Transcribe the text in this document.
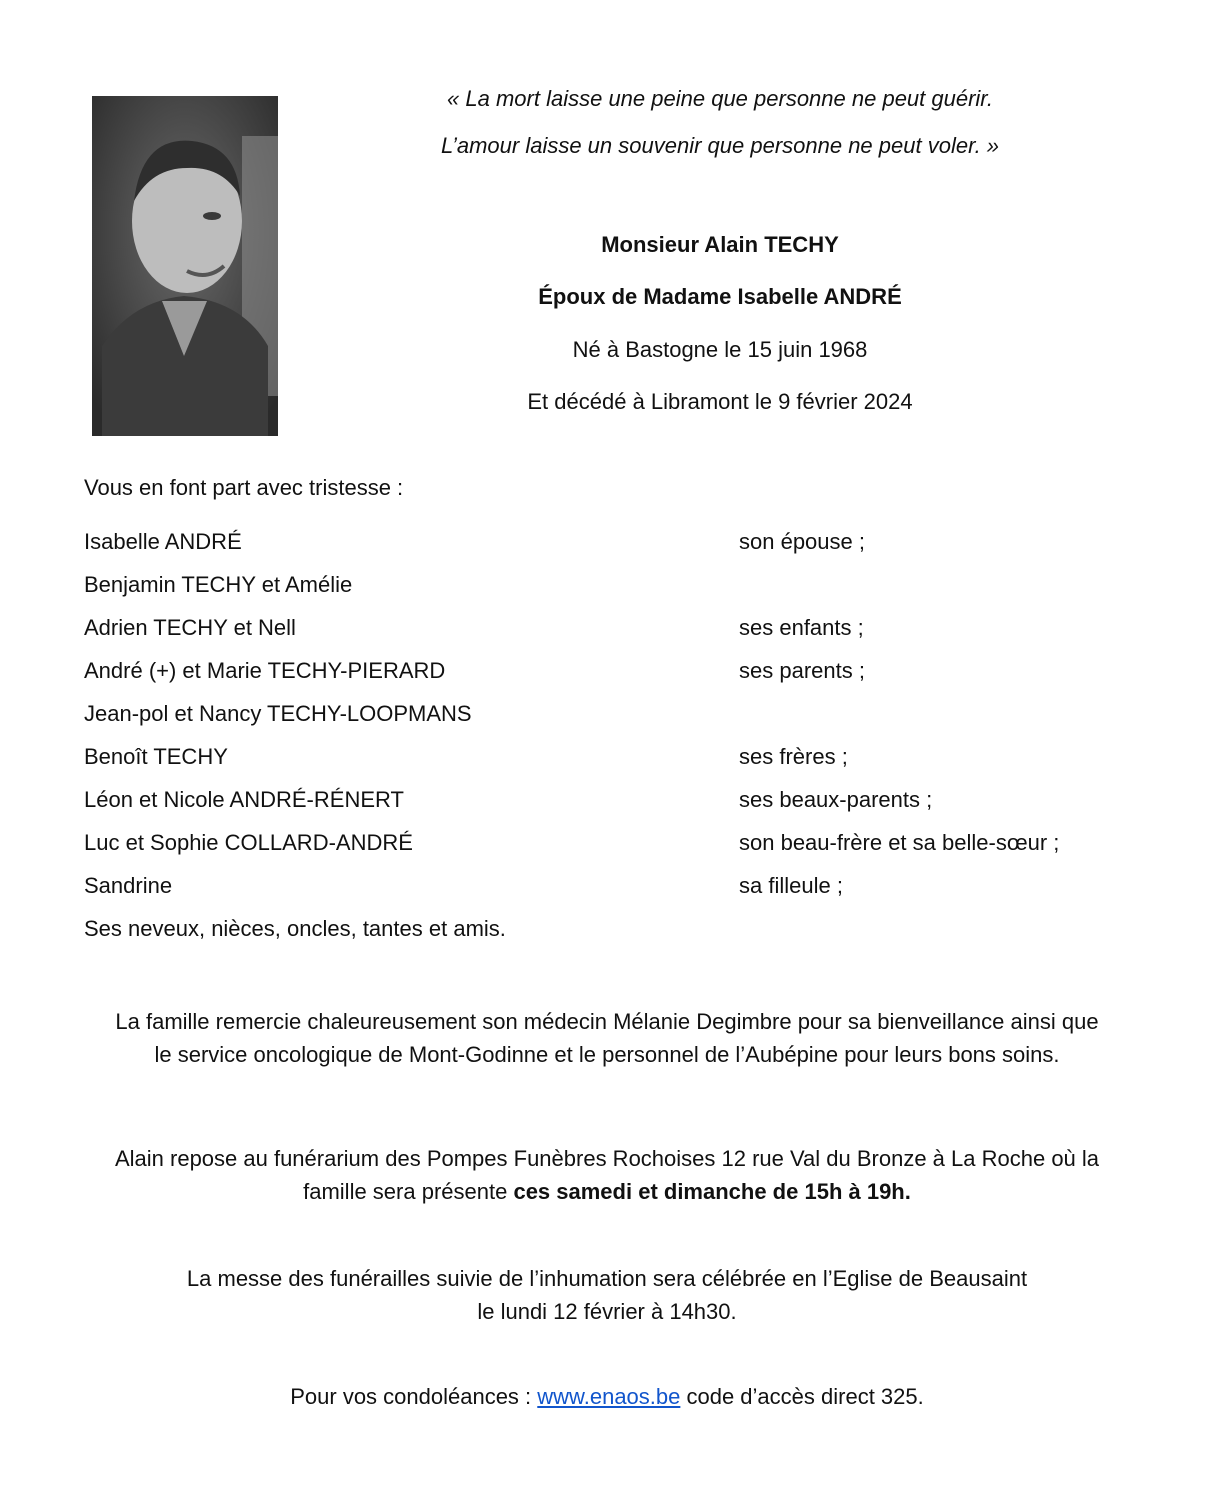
« La mort laisse une peine que personne ne peut guérir.
L’amour laisse un souvenir que personne ne peut voler. »
Monsieur Alain TECHY
Époux de Madame Isabelle ANDRÉ
Né à Bastogne le 15 juin 1968
Et décédé à Libramont le 9 février 2024
Vous en font part avec tristesse :
Isabelle ANDRÉ	son épouse ;
Benjamin TECHY et Amélie
Adrien TECHY et Nell	ses enfants ;
André (+) et Marie TECHY-PIERARD	ses parents ;
Jean-pol et Nancy TECHY-LOOPMANS
Benoît TECHY	ses frères ;
Léon et Nicole ANDRÉ-RÉNERT	ses beaux-parents ;
Luc et Sophie COLLARD-ANDRÉ	son beau-frère et sa belle-sœur ;
Sandrine	sa filleule ;
Ses neveux, nièces, oncles, tantes et amis.
La famille remercie chaleureusement son médecin Mélanie Degimbre pour sa bienveillance ainsi que
le service oncologique de Mont-Godinne et le personnel de l’Aubépine pour leurs bons soins.
Alain repose au funérarium des Pompes Funèbres Rochoises 12 rue Val du Bronze à La Roche où la
famille sera présente ces samedi et dimanche de 15h à 19h.
La messe des funérailles suivie de l’inhumation sera célébrée en l’Eglise de Beausaint
le lundi 12 février à 14h30.
Pour vos condoléances : www.enaos.be code d’accès direct 325.
